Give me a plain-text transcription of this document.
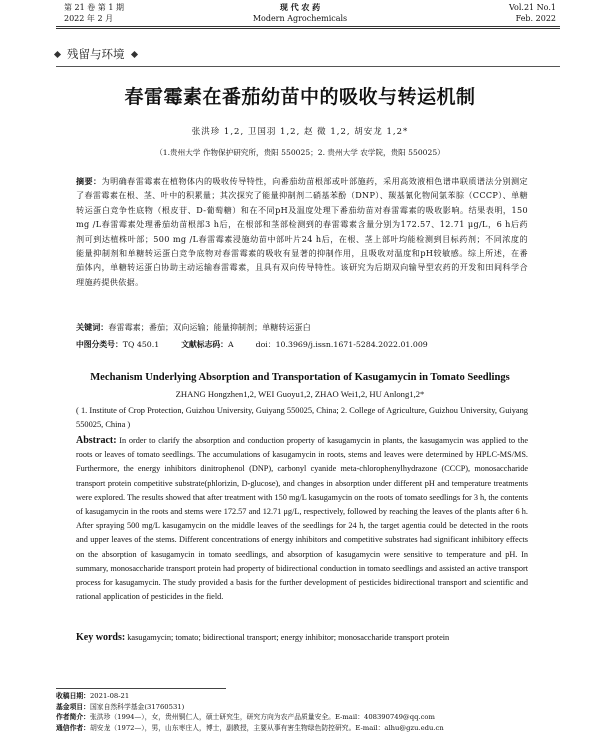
第 21 卷 第 1 期
2022 年 2 月
现 代 农 药
Modern Agrochemicals
Vol.21 No.1
Feb. 2022
残留与环境
春雷霉素在番茄幼苗中的吸收与转运机制
张洪珍 1,2, 卫国羽 1,2, 赵 微 1,2, 胡安龙 1,2*
（1.贵州大学 作物保护研究所，贵阳 550025；2. 贵州大学 农学院，贵阳 550025）
摘要：为明确春雷霉素在植物体内的吸收传导特性，向番茄幼苗根部或叶部施药，采用高效液相色谱串联质谱法分别测定了春雷霉素在根、茎、叶中的积累量；其次探究了能量抑制剂二硝基苯酚（DNP）、羰基氰化物间氯苯腙（CCCP）、单糖转运蛋白竞争性底物（根皮苷、D-葡萄糖）和在不同pH及温度处理下番茄幼苗对春雷霉素的吸收影响。结果表明，150 mg /L春雷霉素处理番茄幼苗根部3 h后，在根部和茎部检测到的春雷霉素含量分别为172.57、12.71 μg/L，6 h后药剂可到达植株叶部；500 mg /L春雷霉素浸施幼苗中部叶片24 h后，在根、茎上部叶均能检测到目标药剂；不同浓度的能量抑制剂和单糖转运蛋白竞争底物对春雷霉素的吸收有显著的抑制作用，且吸收对温度和pH较敏感。综上所述，在番茄体内，单糖转运蛋白协助主动运输春雷霉素，且具有双向传导特性。该研究为后期双向输导型农药的开发和田间科学合理施药提供依据。
关键词：春雷霉素；番茄；双向运输；能量抑制剂；单糖转运蛋白
中图分类号：TQ 450.1	文献标志码：A	doi：10.3969/j.issn.1671-5284.2022.01.009
Mechanism Underlying Absorption and Transportation of Kasugamycin in Tomato Seedlings
ZHANG Hongzhen1,2, WEI Guoyu1,2, ZHAO Wei1,2, HU Anlong1,2*
( 1. Institute of Crop Protection, Guizhou University, Guiyang 550025, China; 2. College of Agriculture, Guizhou University, Guiyang 550025, China )
Abstract: In order to clarify the absorption and conduction property of kasugamycin in plants, the kasugamycin was applied to the roots or leaves of tomato seedlings. The accumulations of kasugamycin in roots, stems and leaves were determined by HPLC-MS/MS. Furthermore, the energy inhibitors dinitrophenol (DNP), carbonyl cyanide meta-chlorophenylhydrazone (CCCP), monosaccharide transport protein competitive substrate(phlorizin, D-glucose), and changes in absorption under different pH and temperature treatments were explored. The results showed that after treatment with 150 mg/L kasugamycin on the roots of tomato seedlings for 3 h, the contents of kasugamycin in the roots and stems were 172.57 and 12.71 μg/L, respectively, followed by reaching the leaves of the plants after 6 h. After spraying 500 mg/L kasugamycin on the middle leaves of the seedlings for 24 h, the target agentia could be detected in the roots and upper leaves of the stems. Different concentrations of energy inhibitors and competitive substrates had significant inhibitory effects on the absorption of kasugamycin in tomato seedlings, and absorption of kasugamycin were sensitive to temperature and pH. In summary, monosaccharide transport protein had property of bidirectional conduction in tomato seedlings and assisted an active transport process for kasugamycin. The study provided a basis for the further development of pesticides bidirectional transport and scientific and rational application of pesticides in the field.
Key words: kasugamycin; tomato; bidirectional transport; energy inhibitor; monosaccharide transport protein
收稿日期：2021-08-21
基金项目：国家自然科学基金(31760531)
作者简介：张洪珍（1994—），女，贵州铜仁人，硕士研究生，研究方向为农产品质量安全。E-mail：408390749@qq.com
通信作者：胡安龙（1972—），男，山东枣庄人，博士，副教授，主要从事有害生物绿色防控研究。E-mail：alhu@gzu.edu.cn
